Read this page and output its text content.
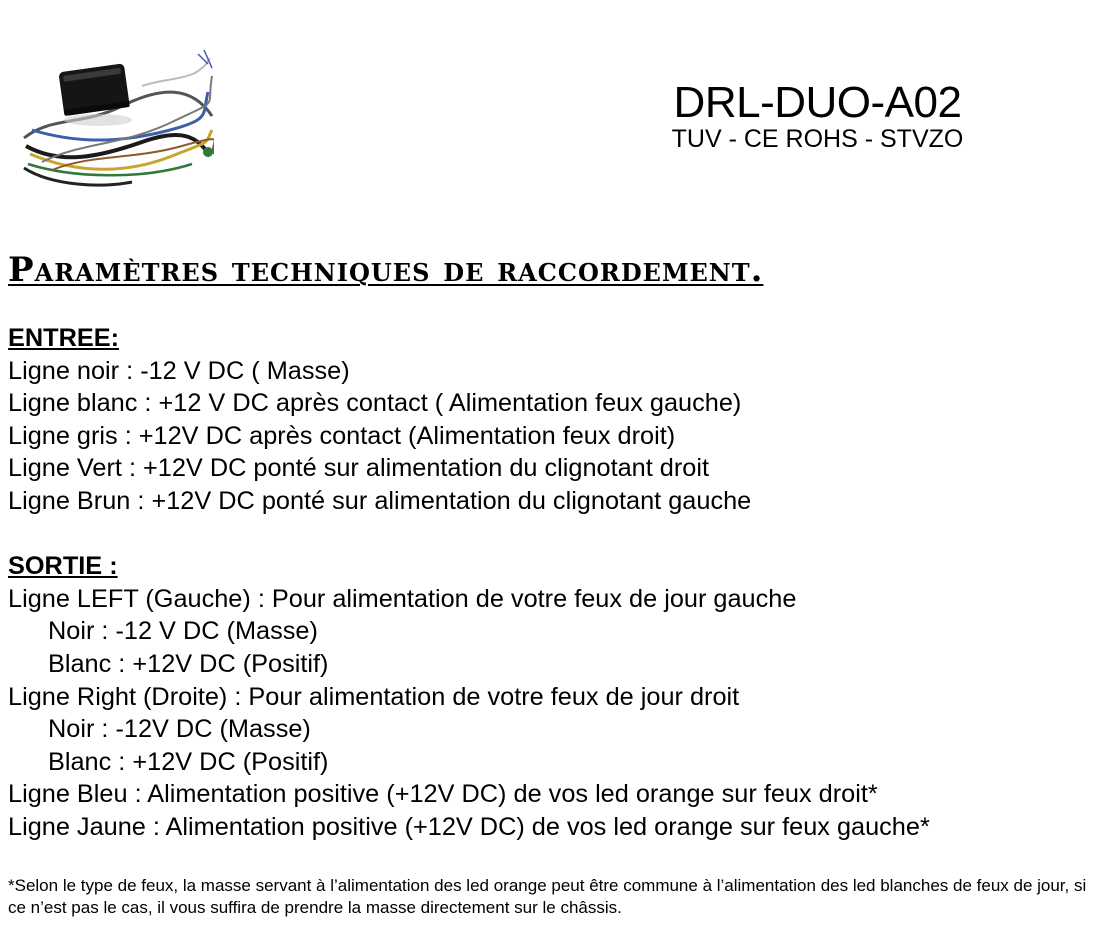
DRL-DUO-A02
TUV - CE ROHS - STVZO
Paramètres techniques de raccordement.
ENTREE:
Ligne noir : -12 V DC ( Masse)
Ligne blanc : +12 V DC après contact ( Alimentation feux gauche)
Ligne gris : +12V DC après contact (Alimentation feux droit)
Ligne Vert : +12V DC ponté sur alimentation du clignotant droit
Ligne Brun : +12V DC ponté sur alimentation du clignotant gauche
SORTIE :
Ligne LEFT (Gauche) : Pour alimentation de votre feux de jour gauche
Noir : -12 V DC (Masse)
Blanc : +12V DC (Positif)
Ligne Right (Droite) : Pour alimentation de votre feux de jour droit
Noir : -12V DC (Masse)
Blanc : +12V DC (Positif)
Ligne Bleu : Alimentation positive (+12V DC) de vos led orange sur feux droit*
Ligne Jaune : Alimentation positive (+12V DC) de vos led orange sur feux gauche*
*Selon le type de feux, la masse servant à l’alimentation des led orange peut être commune à l’alimentation des led blanches de feux de jour, si ce n’est pas le cas, il vous suffira de prendre la masse directement sur le châssis.
